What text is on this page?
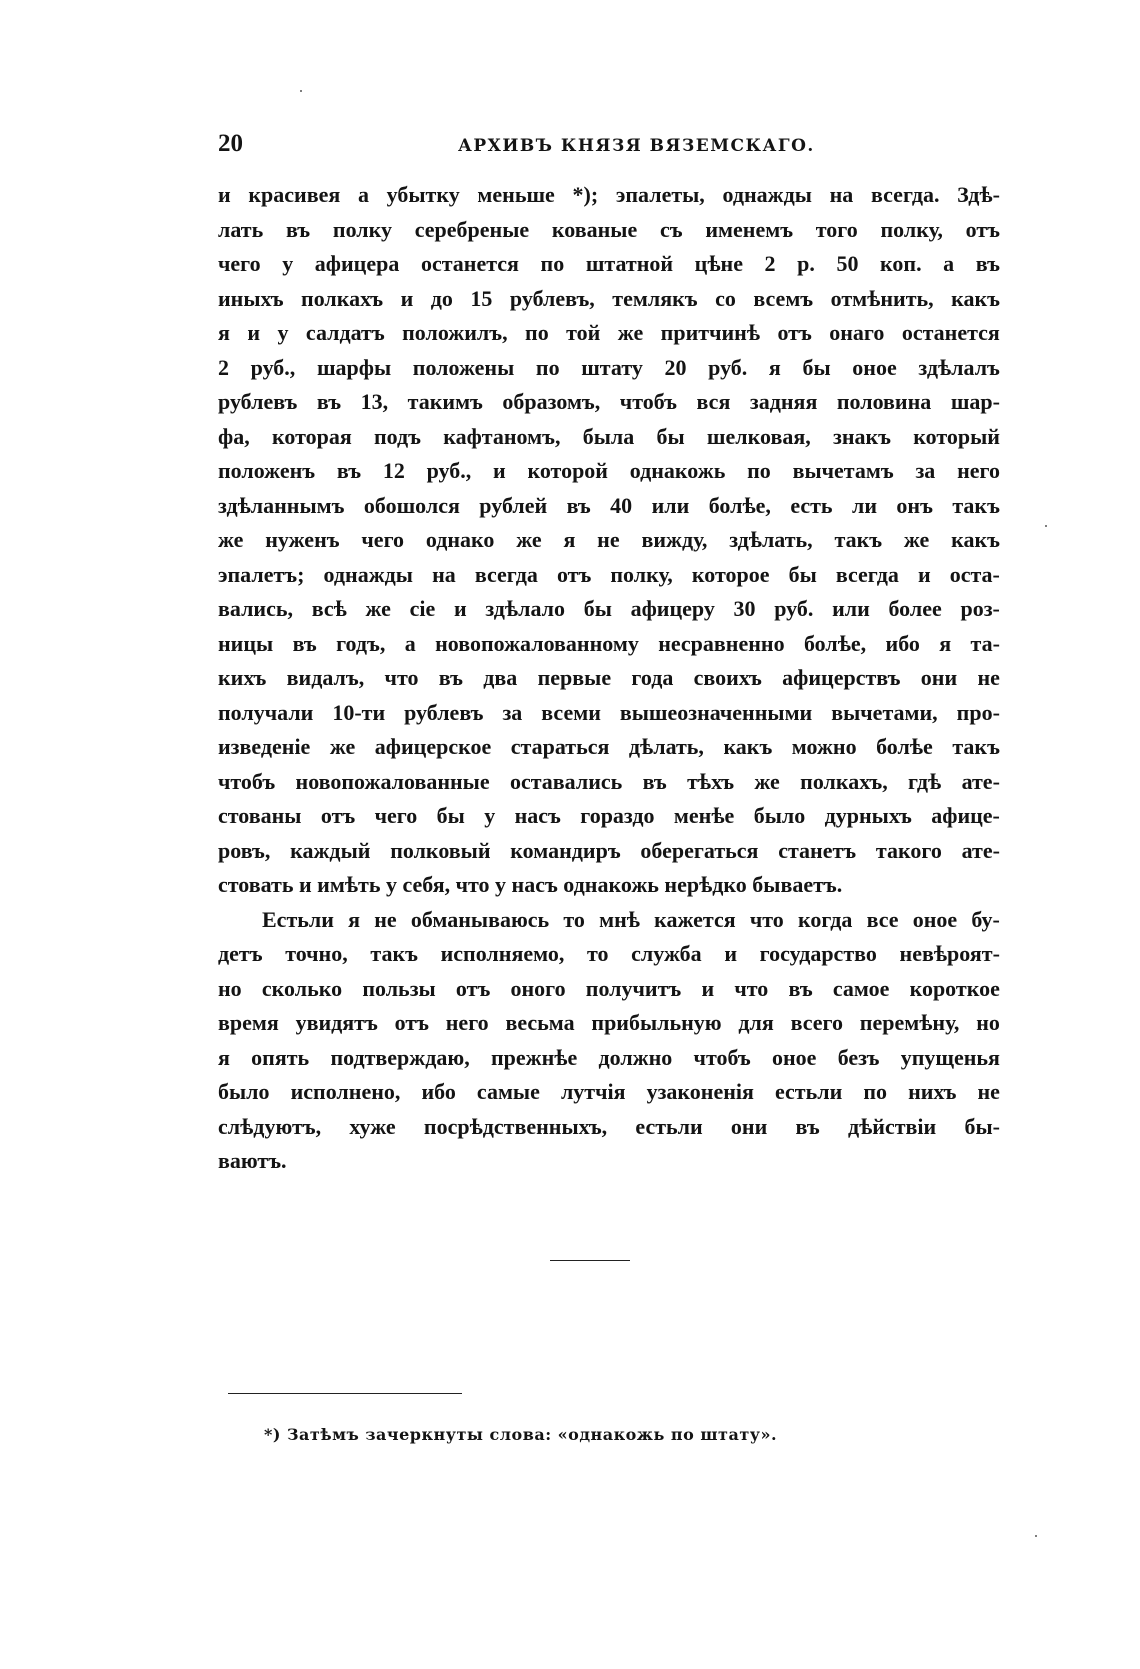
20	АРХИВЪ КНЯЗЯ ВЯЗЕМСКАГО.
и красивея а убытку меньше *); эпалеты, однажды на всегда. Здѣ-
лать въ полку серебреные кованые съ именемъ того полку, отъ
чего у афицера останется по штатной цѣне 2 р. 50 коп. а въ
иныхъ полкахъ и до 15 рублевъ, темлякъ со всемъ отмѣнить, какъ
я и у салдатъ положилъ, по той же притчинѣ отъ онаго останется
2 руб., шарфы положены по штату 20 руб. я бы оное здѣлалъ
рублевъ въ 13, такимъ образомъ, чтобъ вся задняя половина шар-
фа, которая подъ кафтаномъ, была бы шелковая, знакъ который
положенъ въ 12 руб., и которой однакожь по вычетамъ за него
здѣланнымъ обошолся рублей въ 40 или болѣе, есть ли онъ такъ
же нуженъ чего однако же я не вижду, здѣлать, такъ же какъ
эпалетъ; однажды на всегда отъ полку, которое бы всегда и оста-
вались, всѣ же сіе и здѣлало бы афицеру 30 руб. или более роз-
ницы въ годъ, а новопожалованному несравненно болѣе, ибо я та-
кихъ видалъ, что въ два первые года своихъ афицерствъ они не
получали 10-ти рублевъ за всеми вышеозначенными вычетами, про-
изведеніе же афицерское стараться дѣлать, какъ можно болѣе такъ
чтобъ новопожалованные оставались въ тѣхъ же полкахъ, гдѣ ате-
стованы отъ чего бы у насъ гораздо менѣе было дурныхъ афице-
ровъ, каждый полковый командиръ оберегаться станетъ такого ате-
стовать и имѣть у себя, что у насъ однакожь нерѣдко бываетъ.
Естьли я не обманываюсь то мнѣ кажется что когда все оное бу-
детъ точно, такъ исполняемо, то служба и государство невѣроят-
но сколько пользы отъ оного получитъ и что въ самое короткое
время увидятъ отъ него весьма прибыльную для всего перемѣну, но
я опять подтверждаю, прежнѣе должно чтобъ оное безъ упущенья
было исполнено, ибо самые лутчія узаконенія естьли по нихъ не
слѣдуютъ, хуже посрѣдственныхъ, естьли они въ дѣйствіи бы-
ваютъ.
*) Затѣмъ зачеркнуты слова: «однакожь по штату».
